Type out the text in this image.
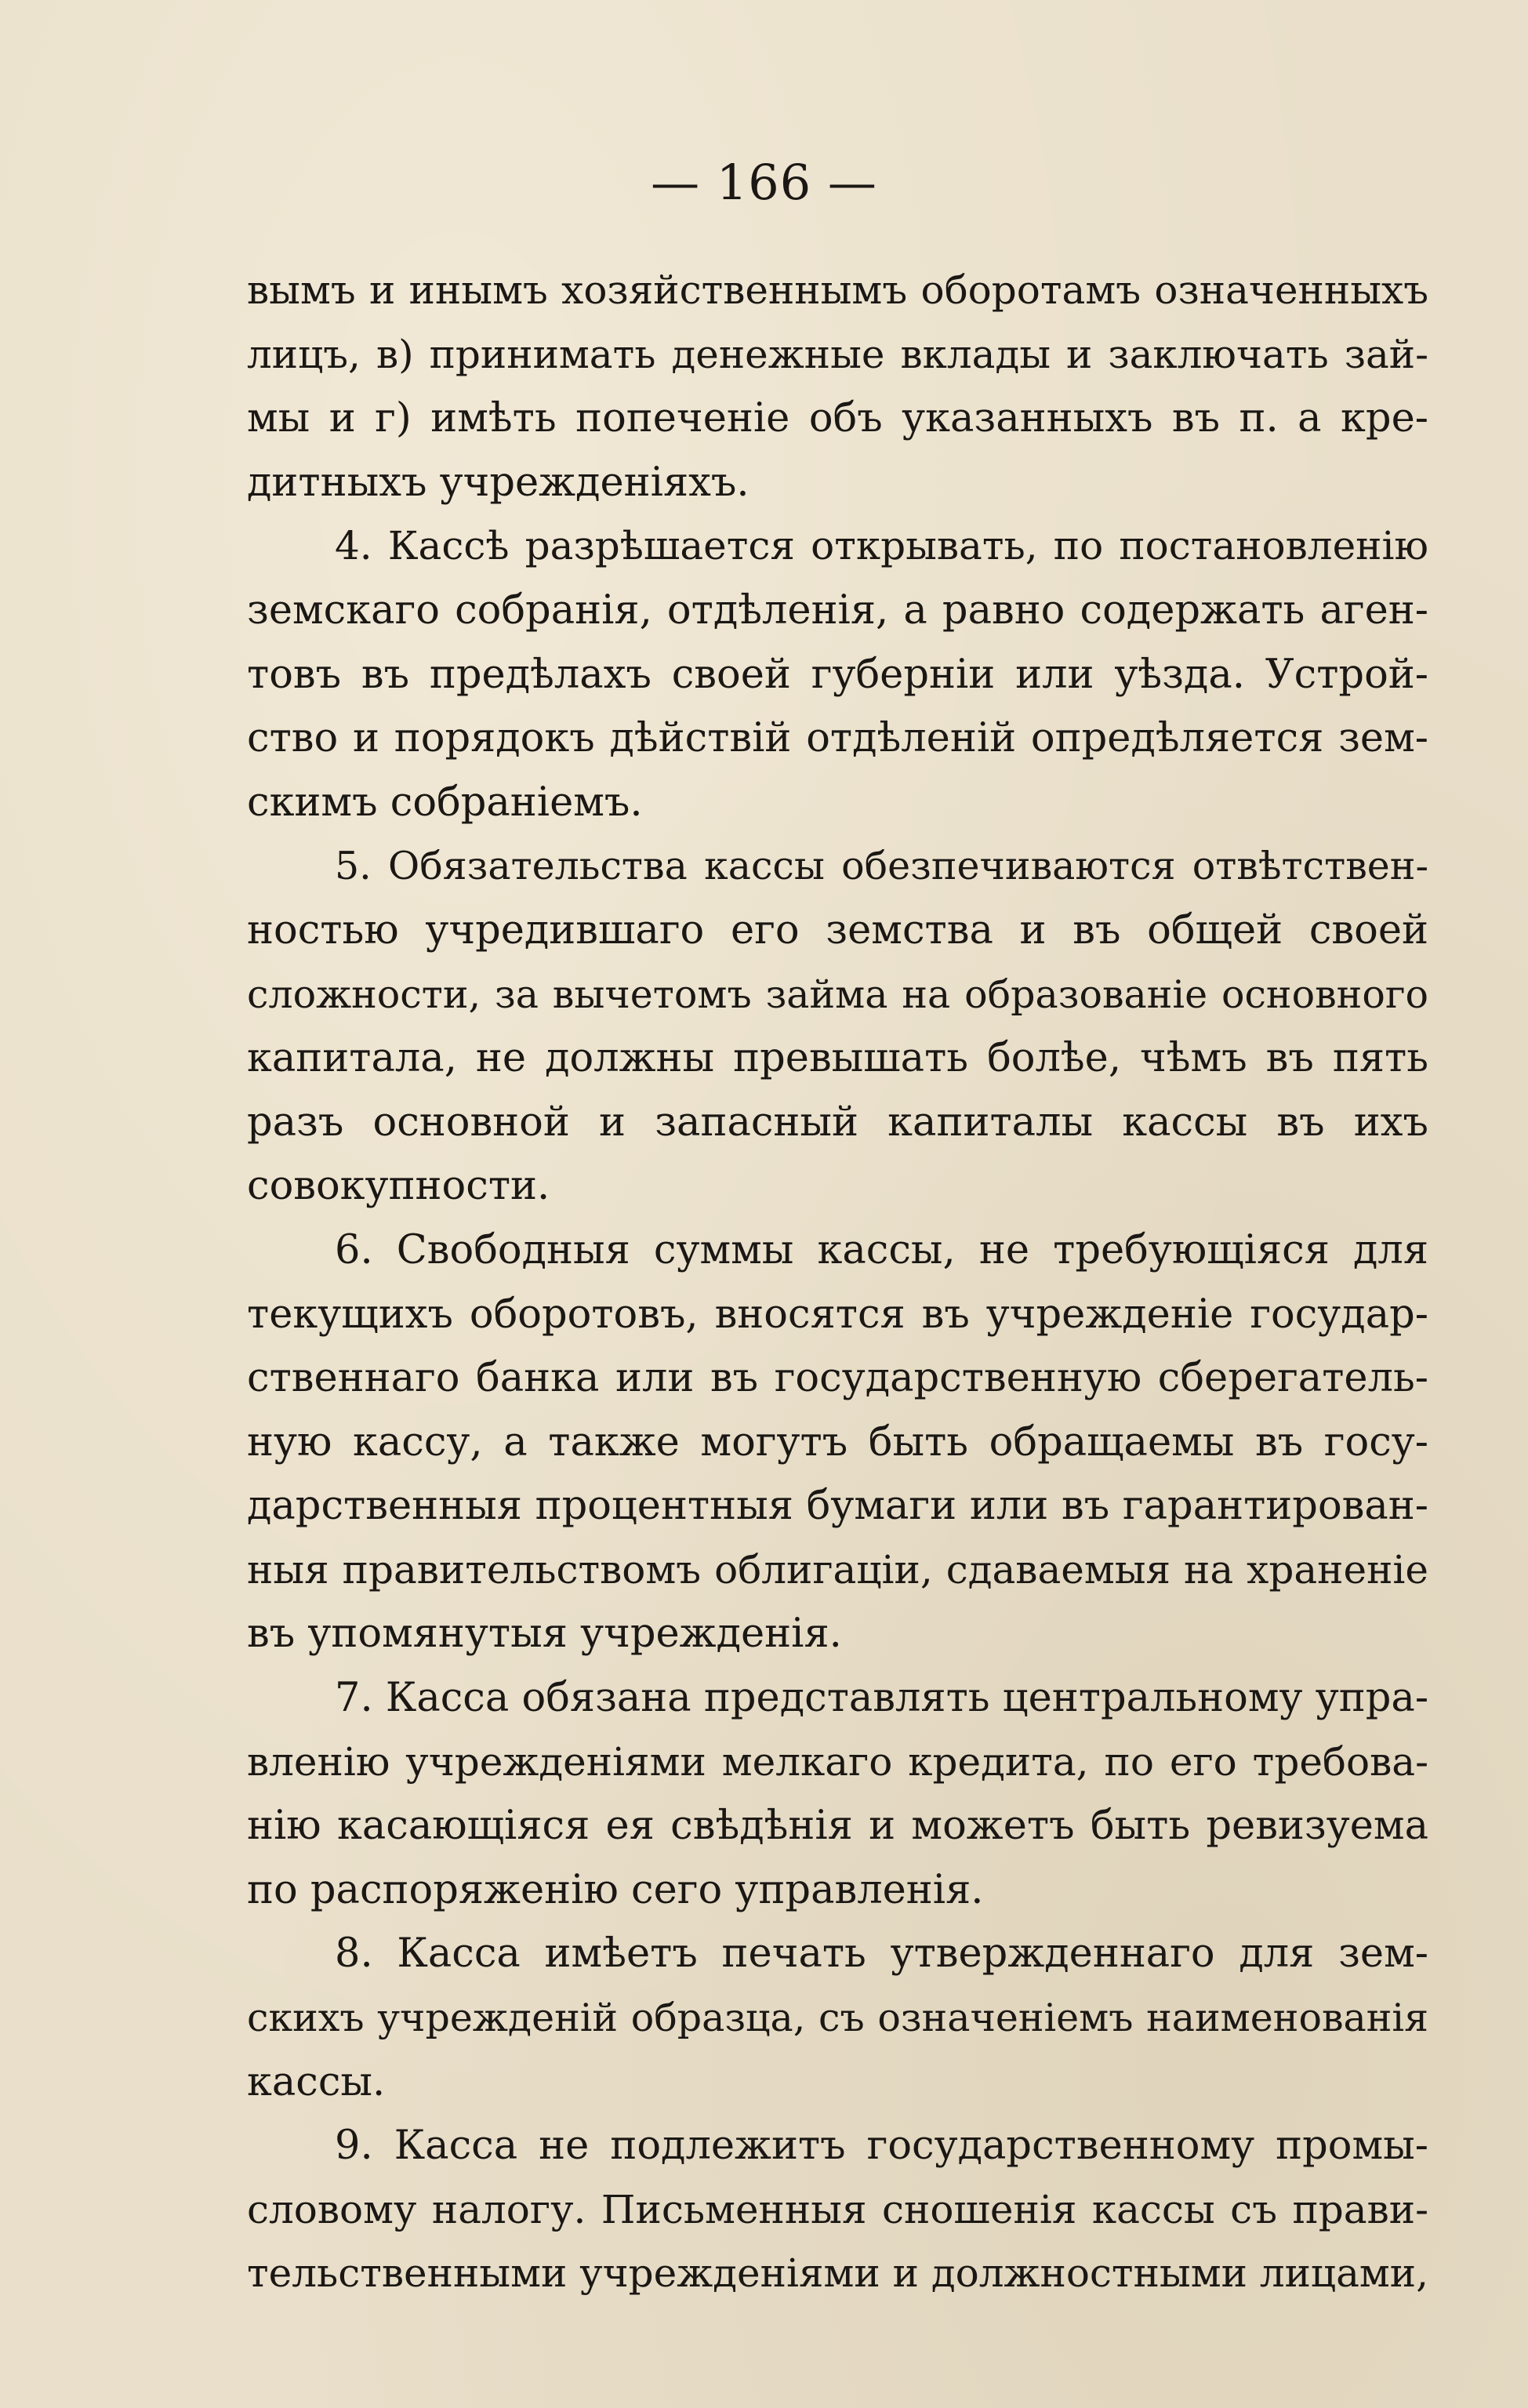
— 166 —
вымъ и инымъ хозяйственнымъ оборотамъ означенныхъ
лицъ, в) принимать денежные вклады и заключать зай-
мы и г) имѣть попеченіе объ указанныхъ въ п. а кре-
дитныхъ учрежденіяхъ.
4. Кассѣ разрѣшается открывать, по постановленію
земскаго собранія, отдѣленія, а равно содержать аген-
товъ въ предѣлахъ своей губерніи или уѣзда. Устрой-
ство и порядокъ дѣйствій отдѣленій опредѣляется зем-
скимъ собраніемъ.
5. Обязательства кассы обезпечиваются отвѣтствен-
ностью учредившаго его земства и въ общей своей
сложности, за вычетомъ займа на образованіе основного
капитала, не должны превышать болѣе, чѣмъ въ пять
разъ основной и запасный капиталы кассы въ ихъ
совокупности.
6. Свободныя суммы кассы, не требующіяся для
текущихъ оборотовъ, вносятся въ учрежденіе государ-
ственнаго банка или въ государственную сберегатель-
ную кассу, а также могутъ быть обращаемы въ госу-
дарственныя процентныя бумаги или въ гарантирован-
ныя правительствомъ облигаціи, сдаваемыя на храненіе
въ упомянутыя учрежденія.
7. Касса обязана представлять центральному упра-
вленію учрежденіями мелкаго кредита, по его требова-
нію касающіяся ея свѣдѣнія и можетъ быть ревизуема
по распоряженію сего управленія.
8. Касса имѣетъ печать утвержденнаго для зем-
скихъ учрежденій образца, съ означеніемъ наименованія
кассы.
9. Касса не подлежитъ государственному промы-
словому налогу. Письменныя сношенія кассы съ прави-
тельственными учрежденіями и должностными лицами,
